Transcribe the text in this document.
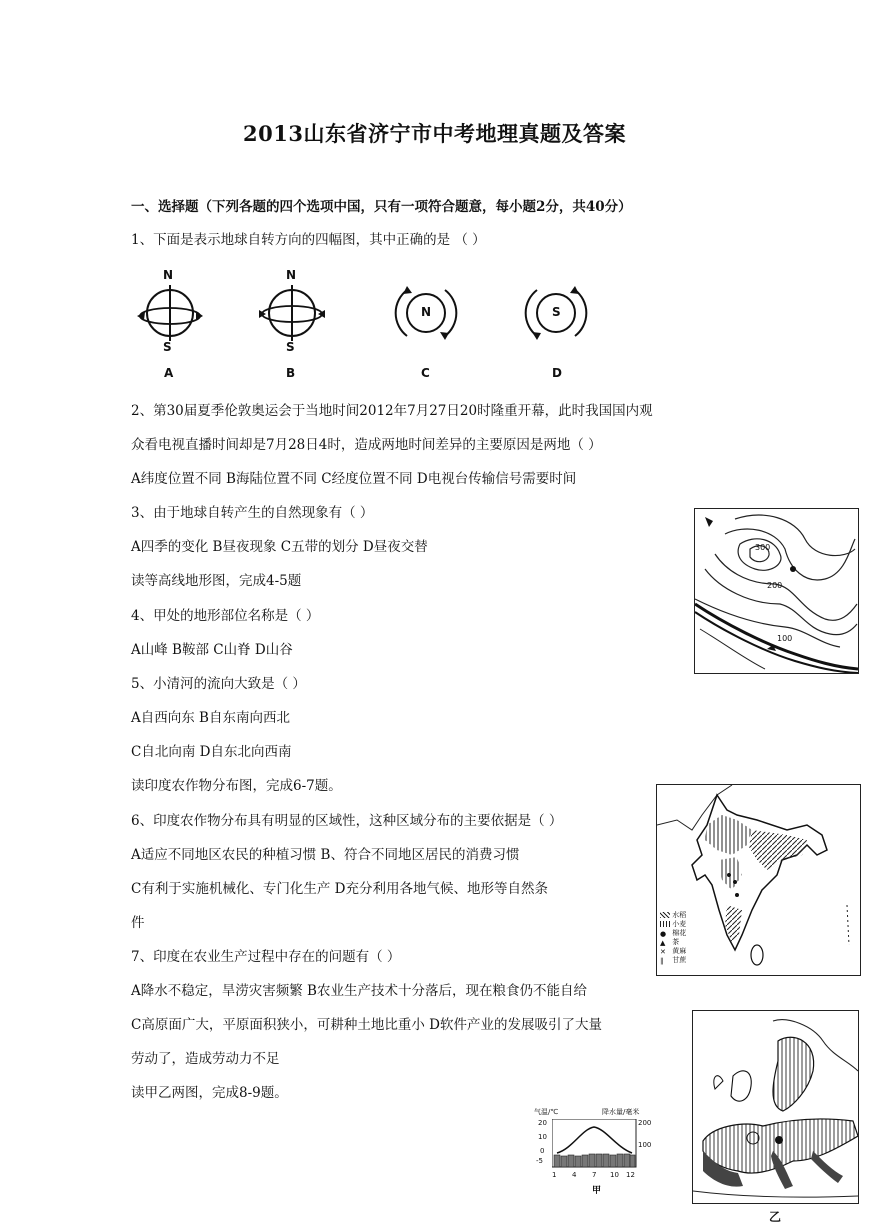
2013山东省济宁市中考地理真题及答案
一、选择题（下列各题的四个选项中国，只有一项符合题意，每小题2分，共40分）
1、下面是表示地球自转方向的四幅图，其中正确的是 （ ）
N
S
A
N
S
B
N
C
S
D
2、第30届夏季伦敦奥运会于当地时间2012年7月27日20时隆重开幕，此时我国国内观
众看电视直播时间却是7月28日4时，造成两地时间差异的主要原因是两地（ ）
A纬度位置不同 B海陆位置不同 C经度位置不同 D电视台传输信号需要时间
3、由于地球自转产生的自然现象有（ ）
A四季的变化 B昼夜现象 C五带的划分 D昼夜交替
读等高线地形图，完成4-5题
300
200
100
4、甲处的地形部位名称是（ ）
A山峰 B鞍部 C山脊 D山谷
5、小清河的流向大致是（ ）
A自西向东 B自东南向西北
C自北向南 D自东北向西南
读印度农作物分布图，完成6-7题。
水稻
小麦
● 棉花
▲ 茶
✕ 黄麻
∥ 甘蔗
6、印度农作物分布具有明显的区域性，这种区域分布的主要依据是（ ）
A适应不同地区农民的种植习惯 B、符合不同地区居民的消费习惯
C有利于实施机械化、专门化生产 D充分利用各地气候、地形等自然条
件
7、印度在农业生产过程中存在的问题有（ ）
A降水不稳定，旱涝灾害频繁 B农业生产技术十分落后，现在粮食仍不能自给
C高原面广大，平原面积狭小，可耕种土地比重小 D软件产业的发展吸引了大量
劳动了，造成劳动力不足
读甲乙两图，完成8-9题。
气温/℃	降水量/毫米
20
10
0
-5
200
100
1 4 7 10 12
甲
乙
